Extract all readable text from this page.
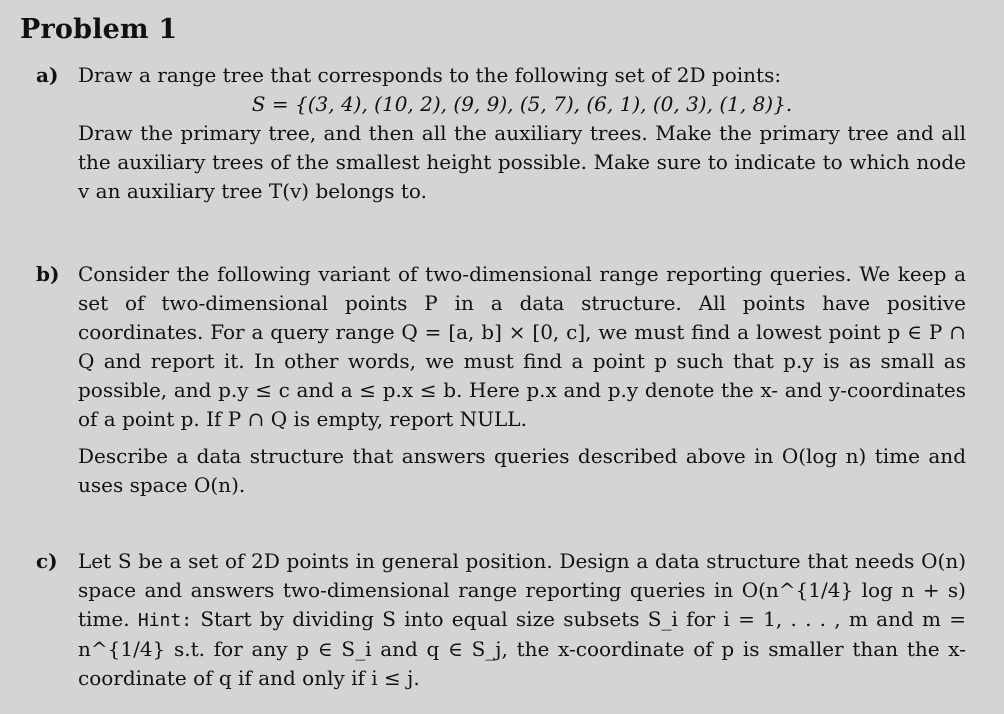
Problem 1
a) Draw a range tree that corresponds to the following set of 2D points:

S = {(3, 4), (10, 2), (9, 9), (5, 7), (6, 1), (0, 3), (1, 8)}.

Draw the primary tree, and then all the auxiliary trees. Make the primary tree and all the auxiliary trees of the smallest height possible. Make sure to indicate to which node v an auxiliary tree T(v) belongs to.

b) Consider the following variant of two-dimensional range reporting queries. We keep a set of two-dimensional points P in a data structure. All points have positive coordinates. For a query range Q = [a, b] × [0, c], we must find a lowest point p ∈ P ∩ Q and report it. In other words, we must find a point p such that p.y is as small as possible, and p.y ≤ c and a ≤ p.x ≤ b. Here p.x and p.y denote the x- and y-coordinates of a point p. If P ∩ Q is empty, report NULL.

Describe a data structure that answers queries described above in O(log n) time and uses space O(n).

c) Let S be a set of 2D points in general position. Design a data structure that needs O(n) space and answers two-dimensional range reporting queries in O(n^{1/4} log n + s) time. Hint: Start by dividing S into equal size subsets S_i for i = 1, . . . , m and m = n^{1/4} s.t. for any p ∈ S_i and q ∈ S_j, the x-coordinate of p is smaller than the x-coordinate of q if and only if i ≤ j.
